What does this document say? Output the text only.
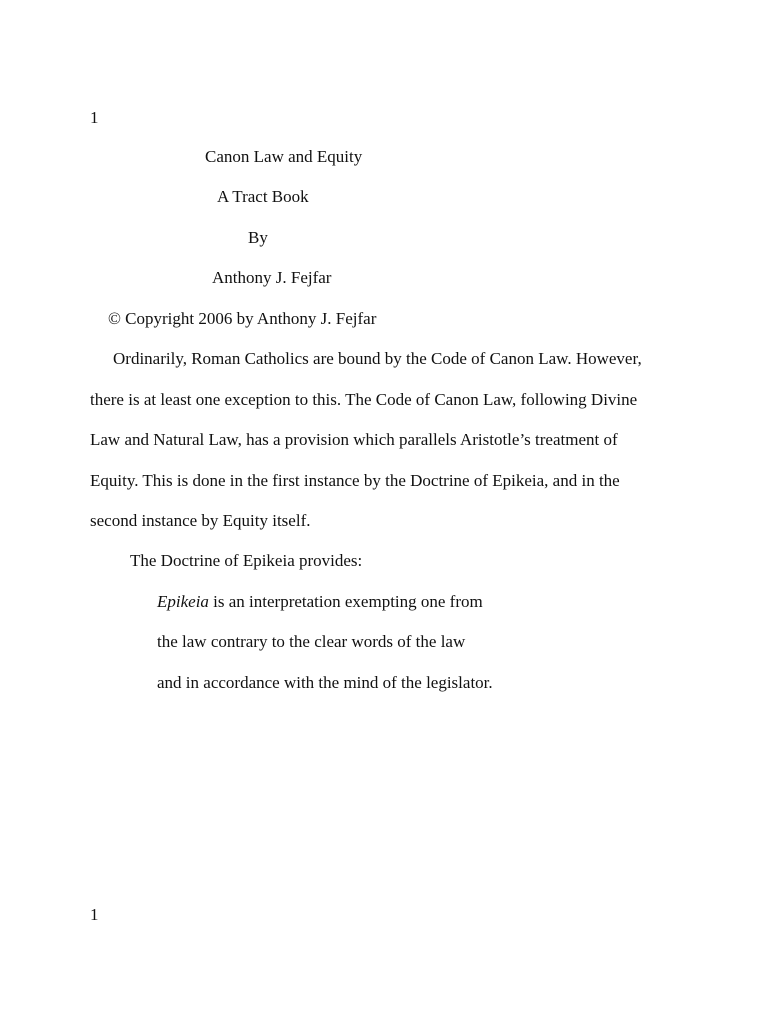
1
Canon Law and Equity
A Tract Book
By
Anthony J. Fejfar
© Copyright 2006 by Anthony J. Fejfar
Ordinarily, Roman Catholics are bound by the Code of Canon Law. However,
there is at least one exception to this. The Code of Canon Law, following Divine
Law and Natural Law, has a provision which parallels Aristotle’s treatment of
Equity. This is done in the first instance by the Doctrine of Epikeia, and in the
second instance by Equity itself.
The Doctrine of Epikeia provides:
Epikeia is an interpretation exempting one from
the law contrary to the clear words of the law
and in accordance with the mind of the legislator.
1
